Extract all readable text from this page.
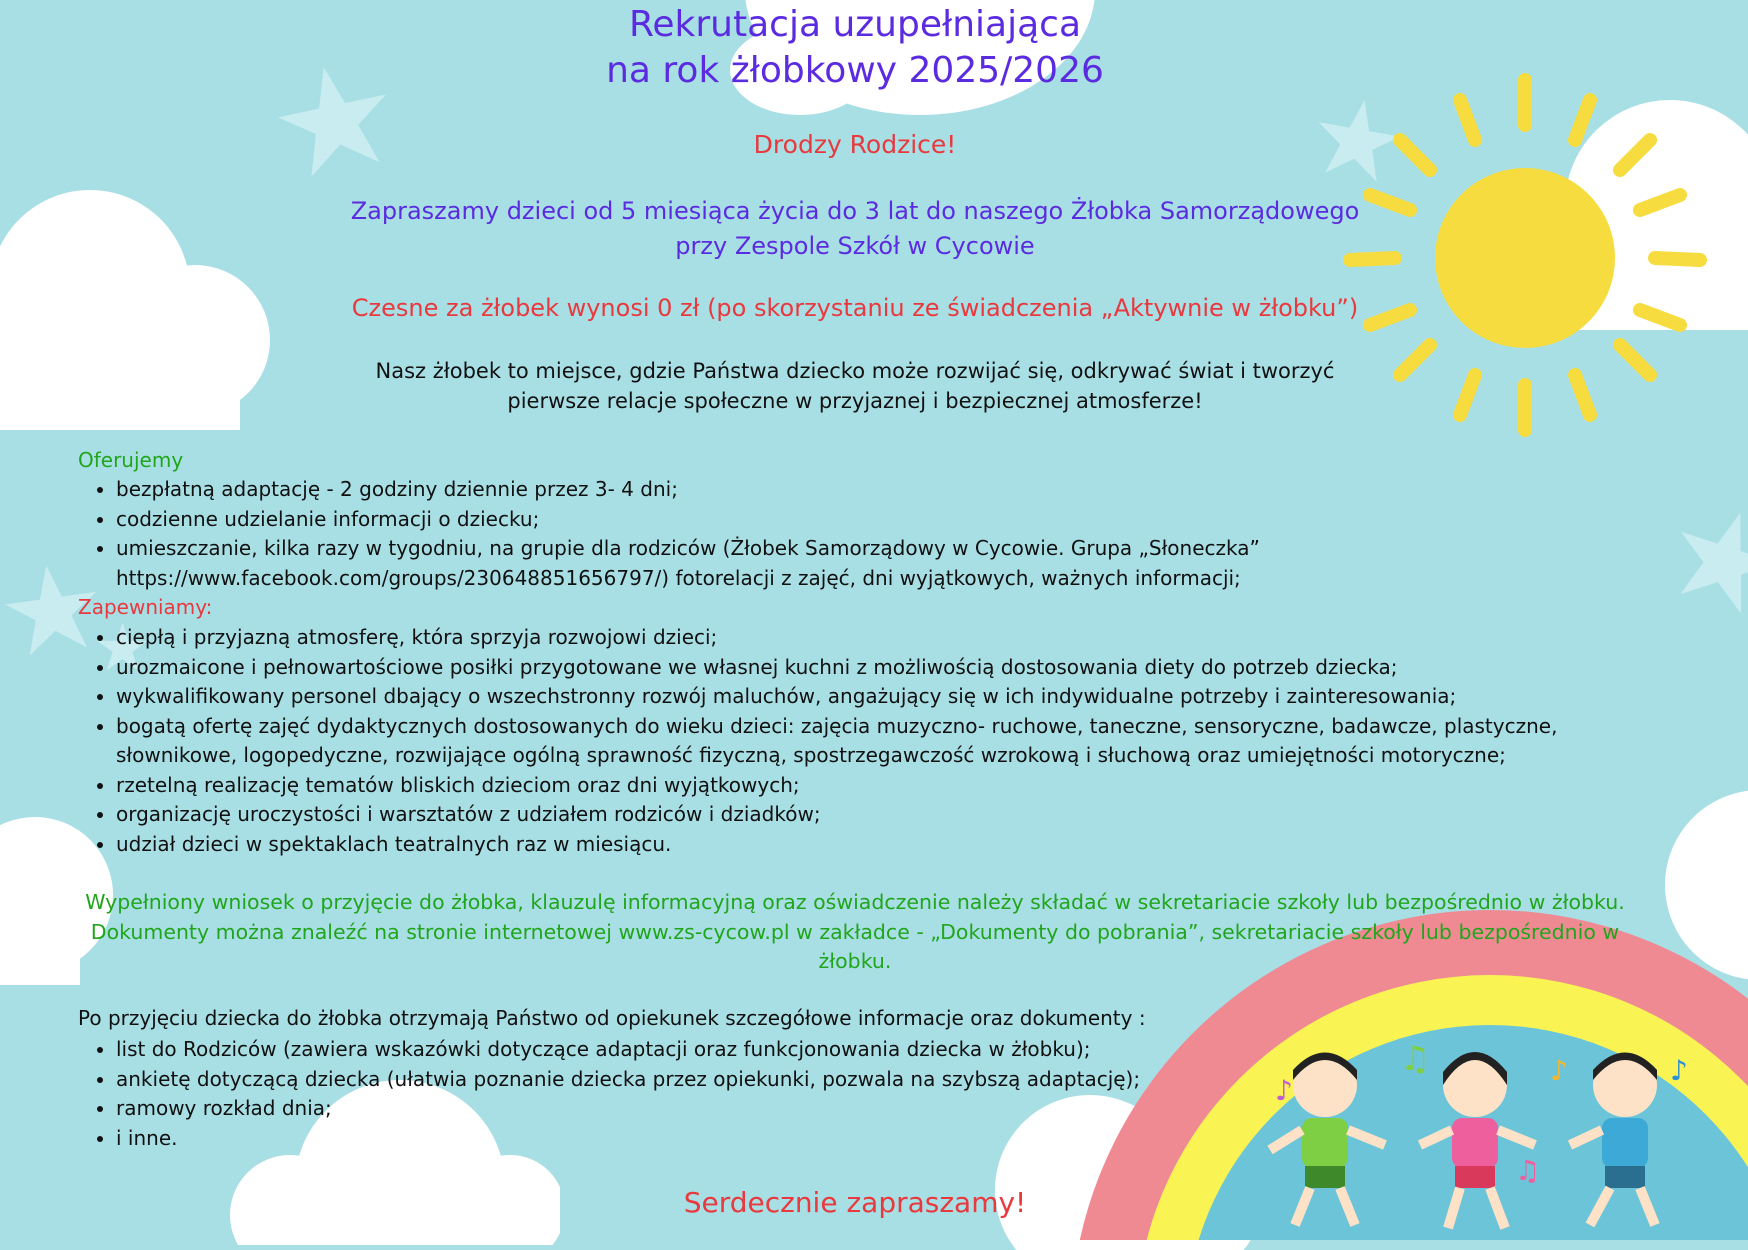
♫	♪	♪
♪
♫
Rekrutacja uzupełniająca
na rok żłobkowy 2025/2026
Drodzy Rodzice!
Zapraszamy dzieci od 5 miesiąca życia do 3 lat do naszego Żłobka Samorządowego
przy Zespole Szkół w Cycowie
Czesne za żłobek wynosi 0 zł (po skorzystaniu ze świadczenia „Aktywnie w żłobku”)
Nasz żłobek to miejsce, gdzie Państwa dziecko może rozwijać się, odkrywać świat i tworzyć
pierwsze relacje społeczne w przyjaznej i bezpiecznej atmosferze!
Oferujemy
• bezpłatną adaptację - 2 godziny dziennie przez 3- 4 dni;
• codzienne udzielanie informacji o dziecku;
• umieszczanie, kilka razy w tygodniu, na grupie dla rodziców (Żłobek Samorządowy w Cycowie. Grupa „Słoneczka” https://www.facebook.com/groups/230648851656797/) fotorelacji z zajęć, dni wyjątkowych, ważnych informacji;
Zapewniamy:
• ciepłą i przyjazną atmosferę, która sprzyja rozwojowi dzieci;
• urozmaicone i pełnowartościowe posiłki przygotowane we własnej kuchni z możliwością dostosowania diety do potrzeb dziecka;
• wykwalifikowany personel dbający o wszechstronny rozwój maluchów, angażujący się w ich indywidualne potrzeby i zainteresowania;
• bogatą ofertę zajęć dydaktycznych dostosowanych do wieku dzieci: zajęcia muzyczno- ruchowe, taneczne, sensoryczne, badawcze, plastyczne, słownikowe, logopedyczne, rozwijające ogólną sprawność fizyczną, spostrzegawczość wzrokową i słuchową oraz umiejętności motoryczne;
• rzetelną realizację tematów bliskich dzieciom oraz dni wyjątkowych;
• organizację uroczystości i warsztatów z udziałem rodziców i dziadków;
• udział dzieci w spektaklach teatralnych raz w miesiącu.
Wypełniony wniosek o przyjęcie do żłobka, klauzulę informacyjną oraz oświadczenie należy składać w sekretariacie szkoły lub bezpośrednio w żłobku. Dokumenty można znaleźć na stronie internetowej www.zs-cycow.pl w zakładce - „Dokumenty do pobrania”, sekretariacie szkoły lub bezpośrednio w żłobku.
Po przyjęciu dziecka do żłobka otrzymają Państwo od opiekunek szczegółowe informacje oraz dokumenty :
• list do Rodziców (zawiera wskazówki dotyczące adaptacji oraz funkcjonowania dziecka w żłobku);
• ankietę dotyczącą dziecka (ułatwia poznanie dziecka przez opiekunki, pozwala na szybszą adaptację);
• ramowy rozkład dnia;
• i inne.
Serdecznie zapraszamy!
